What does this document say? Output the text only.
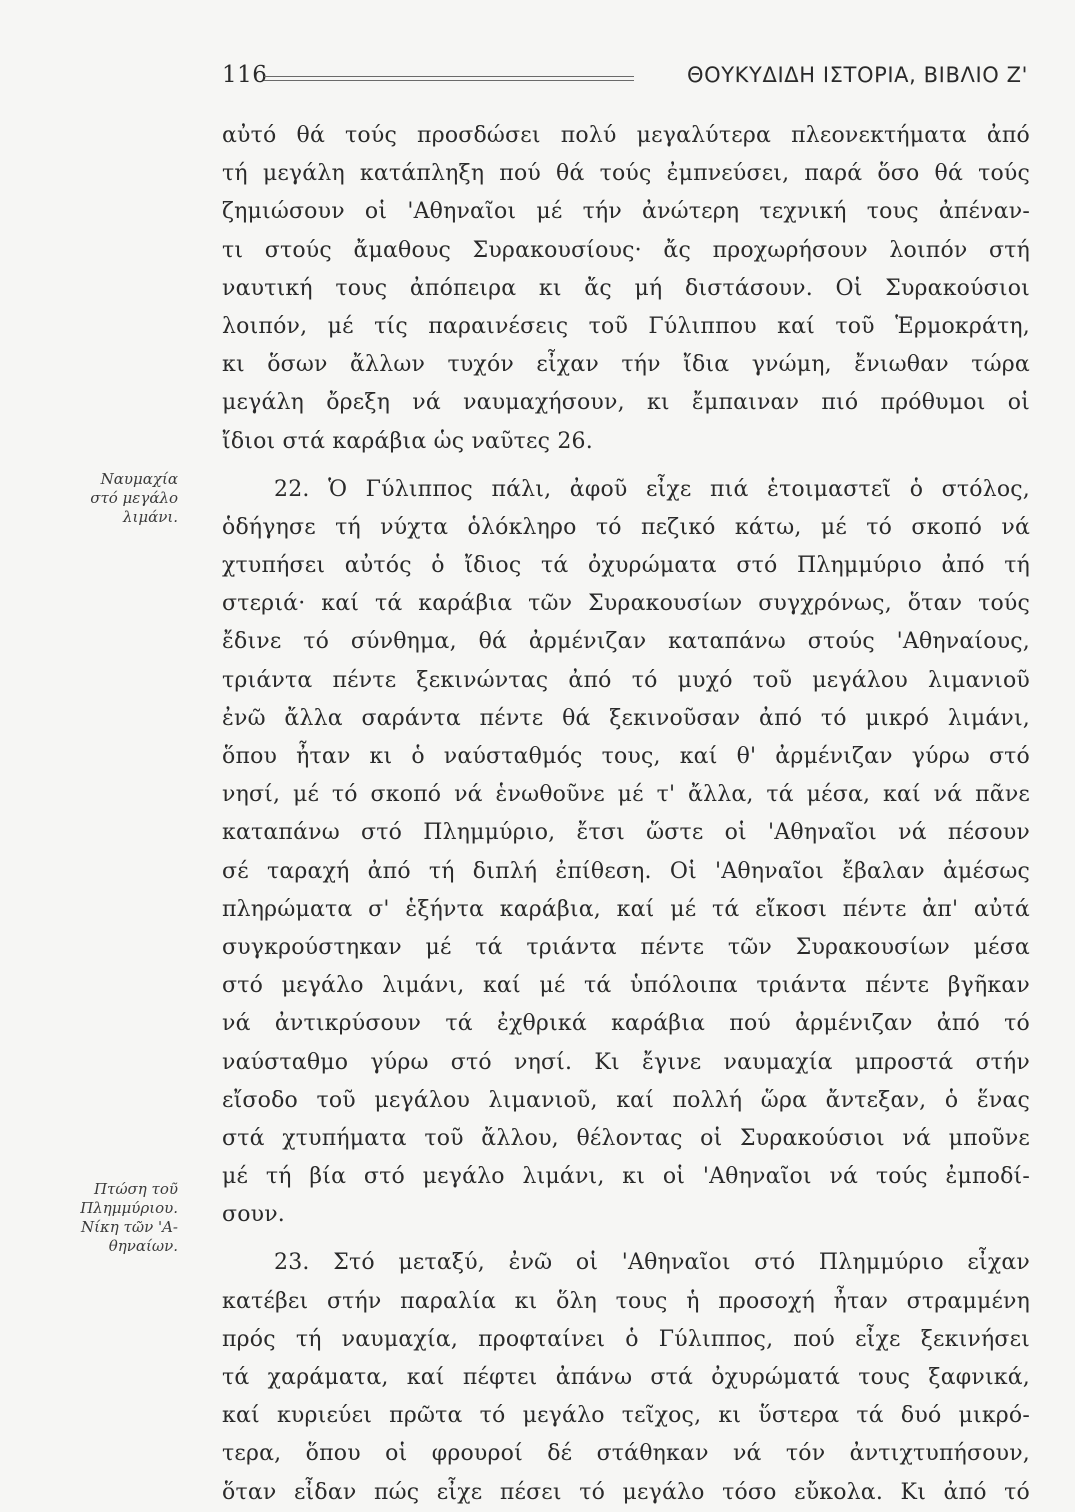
116	ΘΟΥΚΥΔΙΔΗ ΙΣΤΟΡΙΑ, ΒΙΒΛΙΟ Ζ'
Ναυμαχία
στό μεγάλο
λιμάνι.
Πτώση τοῦ
Πλημμύριου.
Νίκη τῶν 'Α-
θηναίων.
αὐτό θά τούς προσδώσει πολύ μεγαλύτερα πλεονεκτήματα ἀπό
τή μεγάλη κατάπληξη πού θά τούς ἐμπνεύσει, παρά ὅσο θά τούς
ζημιώσουν οἱ 'Αθηναῖοι μέ τήν ἀνώτερη τεχνική τους ἀπέναν-
τι στούς ἄμαθους Συρακουσίους· ἄς προχωρήσουν λοιπόν στή
ναυτική τους ἀπόπειρα κι ἄς μή διστάσουν. Οἱ Συρακούσιοι
λοιπόν, μέ τίς παραινέσεις τοῦ Γύλιππου καί τοῦ Ἑρμοκράτη,
κι ὅσων ἄλλων τυχόν εἶχαν τήν ἴδια γνώμη, ἔνιωθαν τώρα
μεγάλη ὄρεξη νά ναυμαχήσουν, κι ἔμπαιναν πιό πρόθυμοι οἱ
ἴδιοι στά καράβια ὡς ναῦτες 26.
22. Ὁ Γύλιππος πάλι, ἀφοῦ εἶχε πιά ἑτοιμαστεῖ ὁ στόλος,
ὁδήγησε τή νύχτα ὁλόκληρο τό πεζικό κάτω, μέ τό σκοπό νά
χτυπήσει αὐτός ὁ ἴδιος τά ὀχυρώματα στό Πλημμύριο ἀπό τή
στεριά· καί τά καράβια τῶν Συρακουσίων συγχρόνως, ὅταν τούς
ἔδινε τό σύνθημα, θά ἀρμένιζαν καταπάνω στούς 'Αθηναίους,
τριάντα πέντε ξεκινώντας ἀπό τό μυχό τοῦ μεγάλου λιμανιοῦ
ἐνῶ ἄλλα σαράντα πέντε θά ξεκινοῦσαν ἀπό τό μικρό λιμάνι,
ὅπου ἦταν κι ὁ ναύσταθμός τους, καί θ' ἀρμένιζαν γύρω στό
νησί, μέ τό σκοπό νά ἑνωθοῦνε μέ τ' ἄλλα, τά μέσα, καί νά πᾶνε
καταπάνω στό Πλημμύριο, ἔτσι ὥστε οἱ 'Αθηναῖοι νά πέσουν
σέ ταραχή ἀπό τή διπλή ἐπίθεση. Οἱ 'Αθηναῖοι ἔβαλαν ἀμέσως
πληρώματα σ' ἑξήντα καράβια, καί μέ τά εἴκοσι πέντε ἀπ' αὐτά
συγκρούστηκαν μέ τά τριάντα πέντε τῶν Συρακουσίων μέσα
στό μεγάλο λιμάνι, καί μέ τά ὑπόλοιπα τριάντα πέντε βγῆκαν
νά ἀντικρύσουν τά ἐχθρικά καράβια πού ἀρμένιζαν ἀπό τό
ναύσταθμο γύρω στό νησί. Κι ἔγινε ναυμαχία μπροστά στήν
εἴσοδο τοῦ μεγάλου λιμανιοῦ, καί πολλή ὥρα ἄντεξαν, ὁ ἕνας
στά χτυπήματα τοῦ ἄλλου, θέλοντας οἱ Συρακούσιοι νά μποῦνε
μέ τή βία στό μεγάλο λιμάνι, κι οἱ 'Αθηναῖοι νά τούς ἐμποδί-
σουν.
23. Στό μεταξύ, ἐνῶ οἱ 'Αθηναῖοι στό Πλημμύριο εἶχαν
κατέβει στήν παραλία κι ὅλη τους ἡ προσοχή ἦταν στραμμένη
πρός τή ναυμαχία, προφταίνει ὁ Γύλιππος, πού εἶχε ξεκινήσει
τά χαράματα, καί πέφτει ἀπάνω στά ὀχυρώματά τους ξαφνικά,
καί κυριεύει πρῶτα τό μεγάλο τεῖχος, κι ὕστερα τά δυό μικρό-
τερα, ὅπου οἱ φρουροί δέ στάθηκαν νά τόν ἀντιχτυπήσουν,
ὅταν εἶδαν πώς εἶχε πέσει τό μεγάλο τόσο εὔκολα. Κι ἀπό τό
